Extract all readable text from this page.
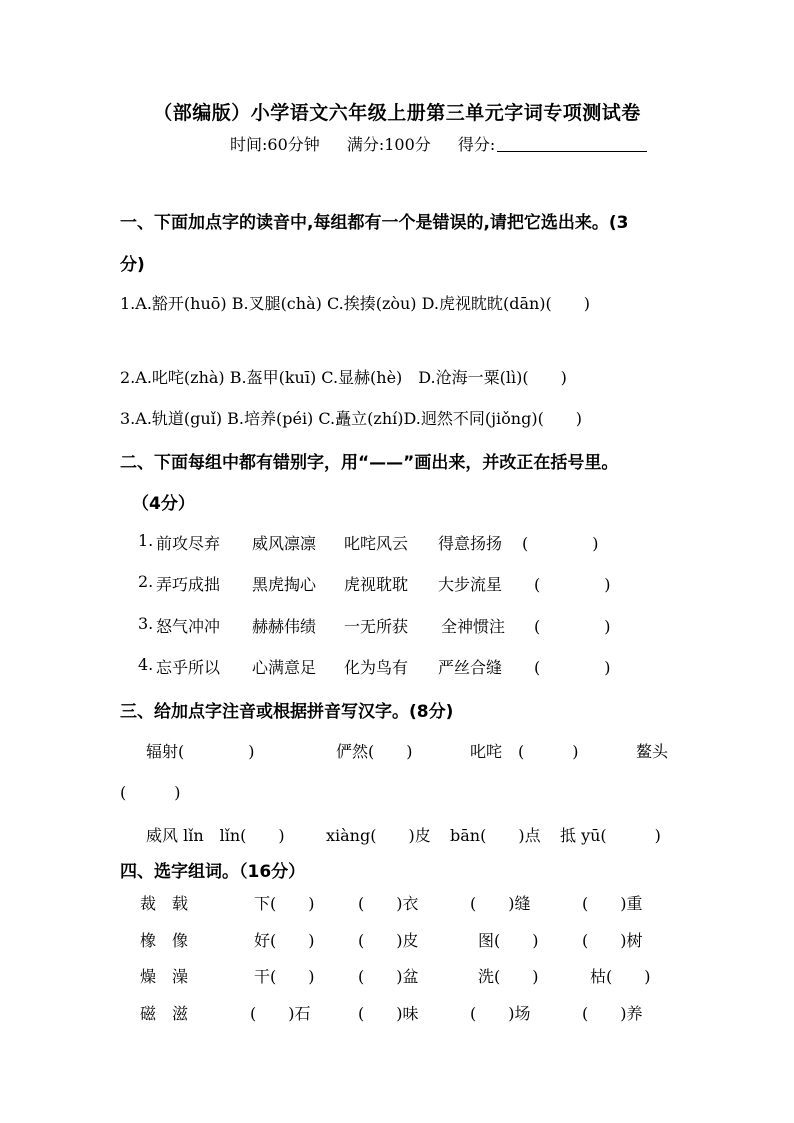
（部编版）小学语文六年级上册第三单元字词专项测试卷
时间:60分钟 满分:100分 得分:
一、下面加点字的读音中,每组都有一个是错误的,请把它选出来。(3
分)
1.A.豁开(huō) B.叉腿(chà) C.挨揍(zòu) D.虎视眈眈(dān)(　　)
2.A.叱咤(zhà) B.盔甲(kuī) C.显赫(hè)　D.沧海一粟(lì)(　　)
3.A.轨道(guǐ) B.培养(péi) C.矗立(zhí)D.迥然不同(jiǒng)(　　)
二、下面每组中都有错别字，用“——”画出来，并改正在括号里。
（4分）
1. 前攻尽弃 威风凛凛 叱咤风云 得意扬扬 (　　　　)
2. 弄巧成拙 黑虎掏心 虎视耽耽 大步流星 (　　　　)
3. 怒气冲冲 赫赫伟绩 一无所获 全神惯注 (　　　　)
4. 忘乎所以 心满意足 化为鸟有 严丝合缝 (　　　　)
三、给加点字注音或根据拼音写汉字。(8分)
辐射(　　　　)	俨然(　　)	叱咤　(　　　)	鳌头
(　　　)
威风 lǐn　lǐn(　　)	xiàng(　　)皮 bān(　　)点 抵 yū(　　　)
四、选字组词。（16分）
裁　载	下(　　)	(　　)衣	(　　)缝	(　　)重
橡　像	好(　　)	(　　)皮	图(　　)	(　　)树
燥　澡	干(　　)	(　　)盆	洗(　　)	枯(　　)
磁　滋	(　　)石	(　　)味	(　　)场	(　　)养
